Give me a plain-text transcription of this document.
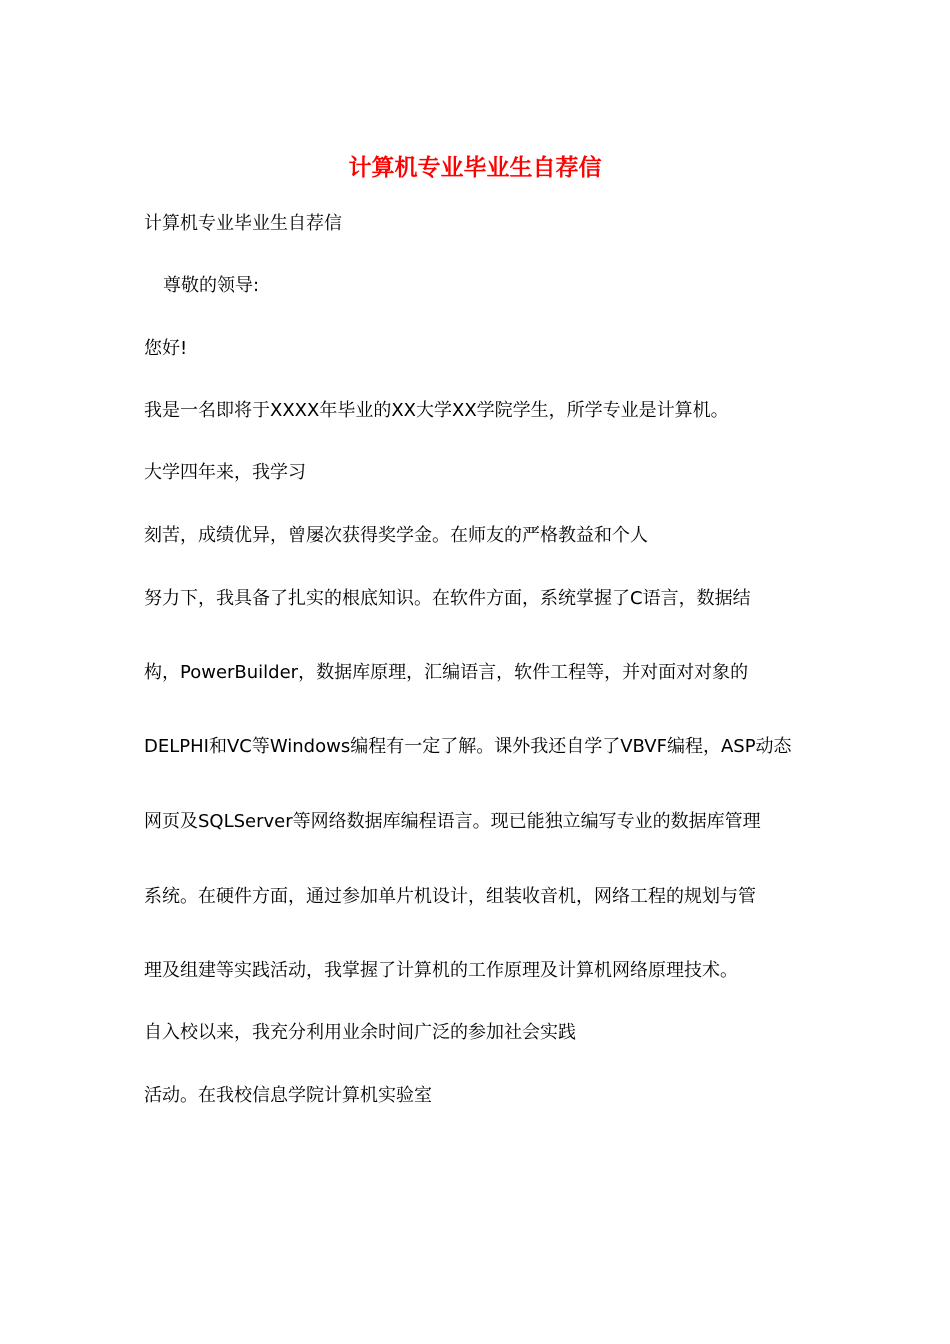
计算机专业毕业生自荐信

计算机专业毕业生自荐信

尊敬的领导:

您好!

我是一名即将于XXXX年毕业的XX大学XX学院学生，所学专业是计算机。

大学四年来，我学习

刻苦，成绩优异，曾屡次获得奖学金。在师友的严格教益和个人

努力下，我具备了扎实的根底知识。在软件方面，系统掌握了C语言，数据结

构，PowerBuilder，数据库原理，汇编语言，软件工程等，并对面对对象的

DELPHI和VC等Windows编程有一定了解。课外我还自学了VBVF编程，ASP动态

网页及SQLServer等网络数据库编程语言。现已能独立编写专业的数据库管理

系统。在硬件方面，通过参加单片机设计，组装收音机，网络工程的规划与管

理及组建等实践活动，我掌握了计算机的工作原理及计算机网络原理技术。

自入校以来，我充分利用业余时间广泛的参加社会实践

活动。在我校信息学院计算机实验室
